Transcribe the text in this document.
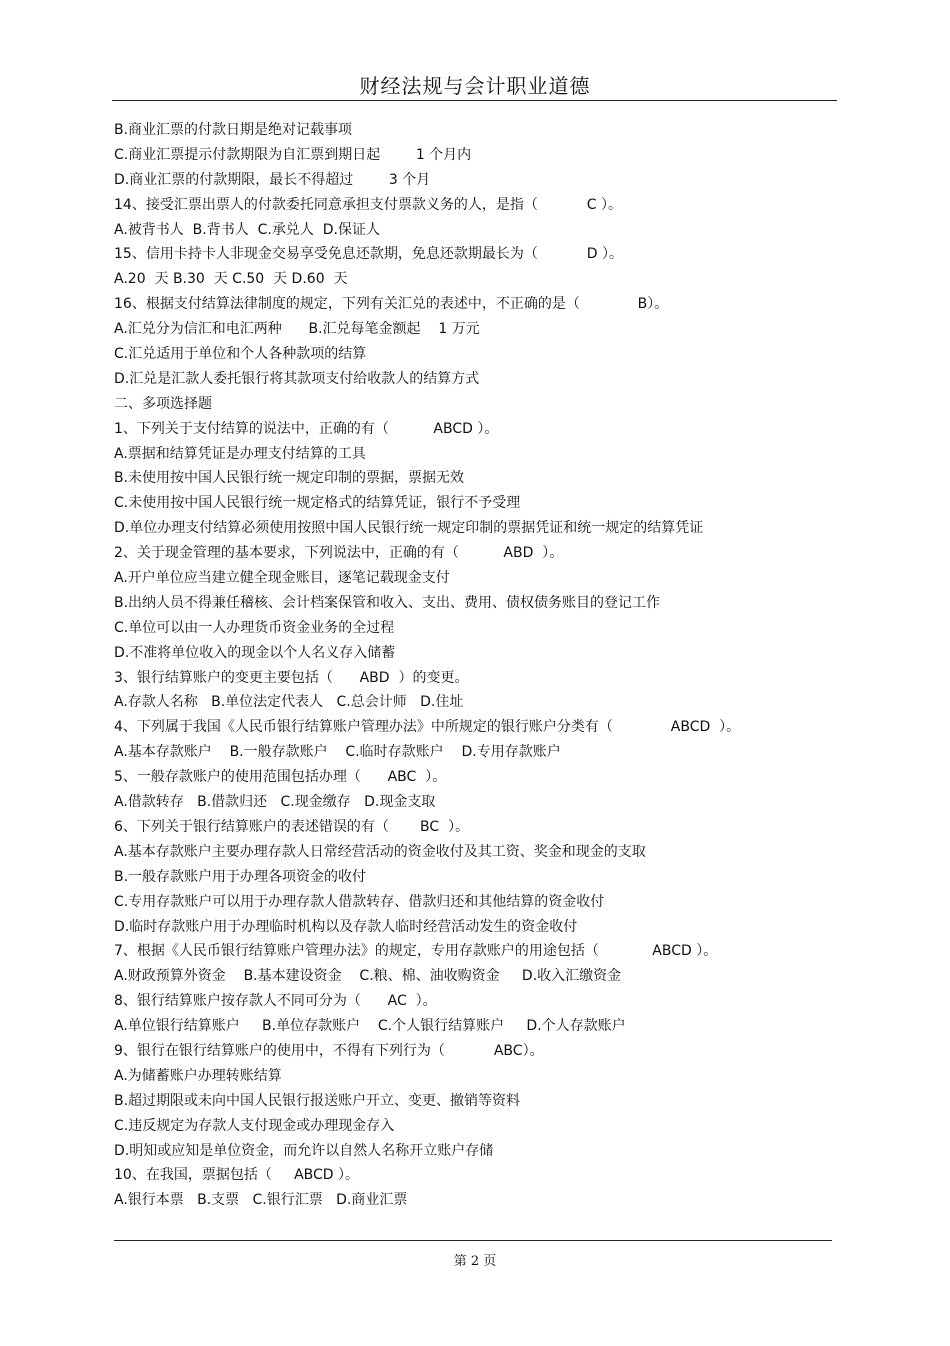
财经法规与会计职业道德
B.商业汇票的付款日期是绝对记载事项
C.商业汇票提示付款期限为自汇票到期日起        1 个月内
D.商业汇票的付款期限，最长不得超过        3 个月
14、接受汇票出票人的付款委托同意承担支付票款义务的人，是指（           C ）。
A.被背书人  B.背书人  C.承兑人  D.保证人
15、信用卡持卡人非现金交易享受免息还款期，免息还款期最长为（           D ）。
A.20  天 B.30  天 C.50  天 D.60  天
16、根据支付结算法律制度的规定，下列有关汇兑的表述中，不正确的是（             B）。
A.汇兑分为信汇和电汇两种      B.汇兑每笔金额起    1 万元
C.汇兑适用于单位和个人各种款项的结算
D.汇兑是汇款人委托银行将其款项支付给收款人的结算方式
二、多项选择题
1、下列关于支付结算的说法中，正确的有（          ABCD ）。
A.票据和结算凭证是办理支付结算的工具
B.未使用按中国人民银行统一规定印制的票据，票据无效
C.未使用按中国人民银行统一规定格式的结算凭证，银行不予受理
D.单位办理支付结算必须使用按照中国人民银行统一规定印制的票据凭证和统一规定的结算凭证
2、关于现金管理的基本要求，下列说法中，正确的有（          ABD  ）。
A.开户单位应当建立健全现金账目，逐笔记载现金支付
B.出纳人员不得兼任稽核、会计档案保管和收入、支出、费用、债权债务账目的登记工作
C.单位可以由一人办理货币资金业务的全过程
D.不准将单位收入的现金以个人名义存入储蓄
3、银行结算账户的变更主要包括（      ABD  ）的变更。
A.存款人名称   B.单位法定代表人   C.总会计师   D.住址
4、下列属于我国《人民币银行结算账户管理办法》中所规定的银行账户分类有（             ABCD  ）。
A.基本存款账户    B.一般存款账户    C.临时存款账户    D.专用存款账户
5、一般存款账户的使用范围包括办理（      ABC  ）。
A.借款转存   B.借款归还   C.现金缴存   D.现金支取
6、下列关于银行结算账户的表述错误的有（       BC  ）。
A.基本存款账户主要办理存款人日常经营活动的资金收付及其工资、奖金和现金的支取
B.一般存款账户用于办理各项资金的收付
C.专用存款账户可以用于办理存款人借款转存、借款归还和其他结算的资金收付
D.临时存款账户用于办理临时机构以及存款人临时经营活动发生的资金收付
7、根据《人民币银行结算账户管理办法》的规定，专用存款账户的用途包括（            ABCD ）。
A.财政预算外资金    B.基本建设资金    C.粮、棉、油收购资金     D.收入汇缴资金
8、银行结算账户按存款人不同可分为（      AC  ）。
A.单位银行结算账户     B.单位存款账户    C.个人银行结算账户     D.个人存款账户
9、银行在银行结算账户的使用中，不得有下列行为（           ABC）。
A.为储蓄账户办理转账结算
B.超过期限或未向中国人民银行报送账户开立、变更、撤销等资料
C.违反规定为存款人支付现金或办理现金存入
D.明知或应知是单位资金，而允许以自然人名称开立账户存储
10、在我国，票据包括（     ABCD ）。
A.银行本票   B.支票   C.银行汇票   D.商业汇票
第 2 页
